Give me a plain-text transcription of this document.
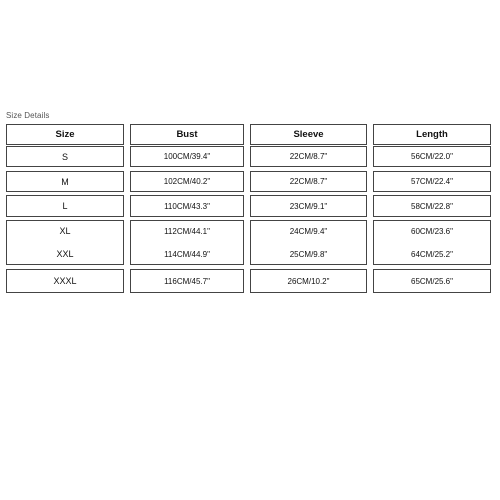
Size Details
Size	Bust	Sleeve	Length
S	100CM/39.4"	22CM/8.7"	56CM/22.0"
M	102CM/40.2"	22CM/8.7"	57CM/22.4"
L	110CM/43.3"	23CM/9.1"	58CM/22.8"
XL	112CM/44.1"	24CM/9.4"	60CM/23.6"
XXL	114CM/44.9"	25CM/9.8"	64CM/25.2"
XXXL	116CM/45.7"	26CM/10.2"	65CM/25.6"
